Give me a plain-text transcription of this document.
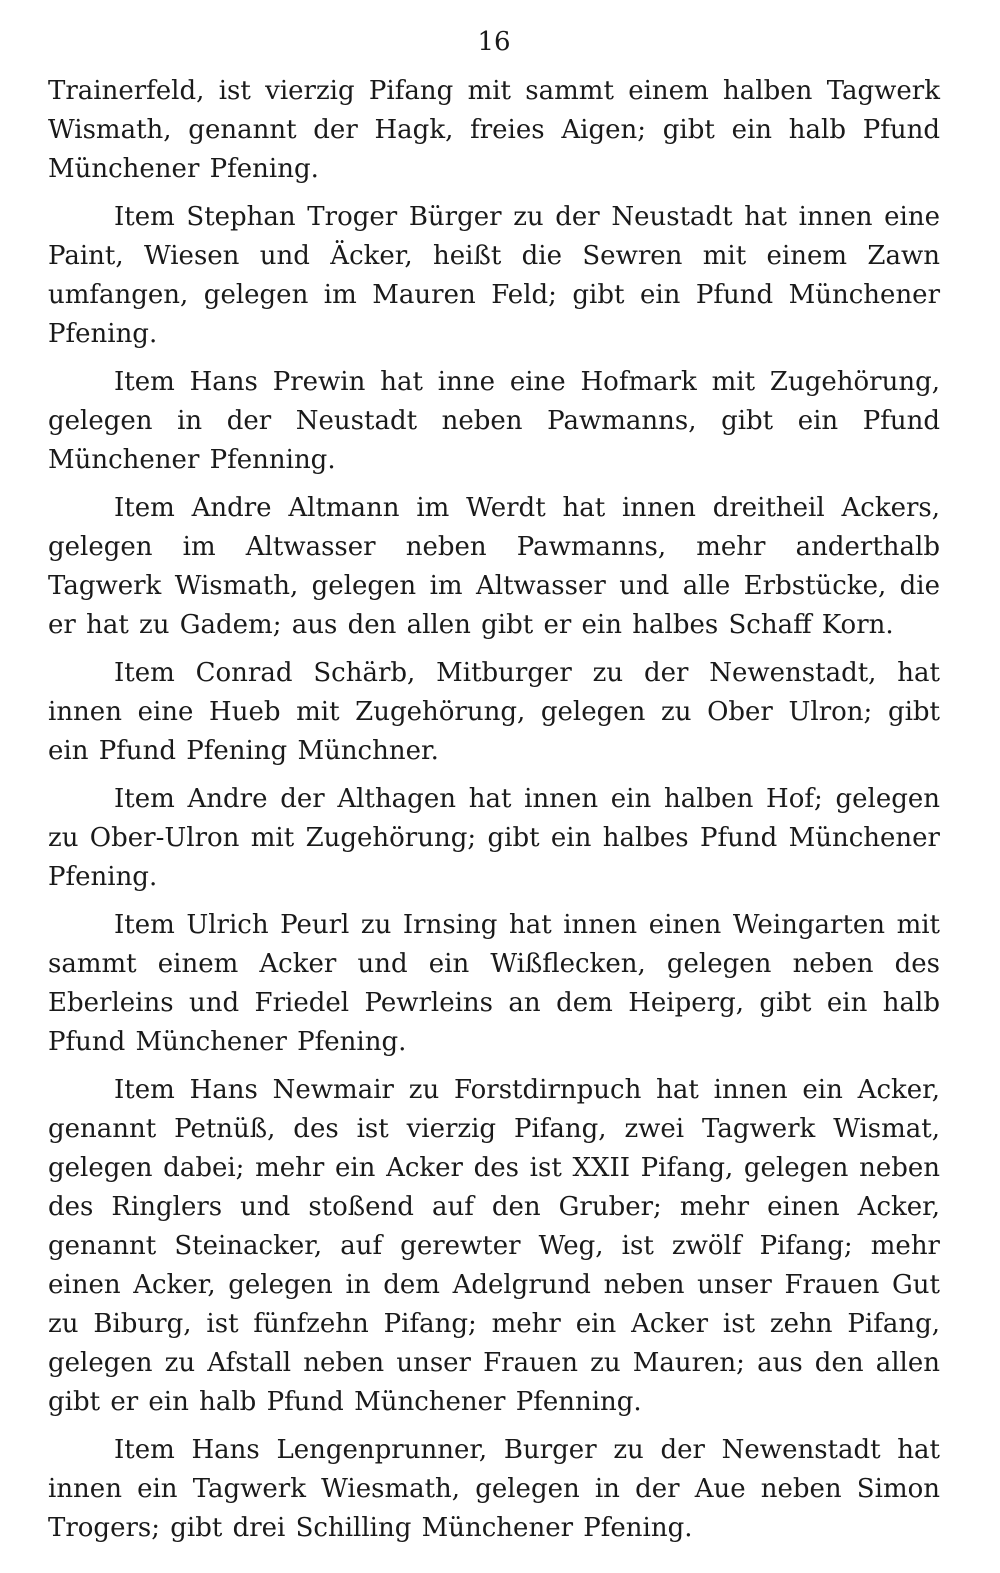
16

Trainerfeld, ist vierzig Pifang mit sammt einem halben Tagwerk Wismath, genannt der Hagk, freies Aigen; gibt ein halb Pfund Münchener Pfening.

Item Stephan Troger Bürger zu der Neustadt hat innen eine Paint, Wiesen und Äcker, heißt die Sewren mit einem Zawn umfangen, gelegen im Mauren Feld; gibt ein Pfund Münchener Pfening.

Item Hans Prewin hat inne eine Hofmark mit Zugehörung, gelegen in der Neustadt neben Pawmanns, gibt ein Pfund Münchener Pfenning.

Item Andre Altmann im Werdt hat innen dreitheil Ackers, gelegen im Altwasser neben Pawmanns, mehr anderthalb Tagwerk Wismath, gelegen im Altwasser und alle Erbstücke, die er hat zu Gadem; aus den allen gibt er ein halbes Schaff Korn.

Item Conrad Schärb, Mitburger zu der Newenstadt, hat innen eine Hueb mit Zugehörung, gelegen zu Ober Ulron; gibt ein Pfund Pfening Münchner.

Item Andre der Althagen hat innen ein halben Hof; gelegen zu Ober-Ulron mit Zugehörung; gibt ein halbes Pfund Münchener Pfening.

Item Ulrich Peurl zu Irnsing hat innen einen Weingarten mit sammt einem Acker und ein Wißflecken, gelegen neben des Eberleins und Friedel Pewrleins an dem Heiperg, gibt ein halb Pfund Münchener Pfening.

Item Hans Newmair zu Forstdirnpuch hat innen ein Acker, genannt Petnüß, des ist vierzig Pifang, zwei Tagwerk Wismat, gelegen dabei; mehr ein Acker des ist XXII Pifang, gelegen neben des Ringlers und stoßend auf den Gruber; mehr einen Acker, genannt Steinacker, auf gerewter Weg, ist zwölf Pifang; mehr einen Acker, gelegen in dem Adelgrund neben unser Frauen Gut zu Biburg, ist fünfzehn Pifang; mehr ein Acker ist zehn Pifang, gelegen zu Afstall neben unser Frauen zu Mauren; aus den allen gibt er ein halb Pfund Münchener Pfenning.

Item Hans Lengenprunner, Burger zu der Newenstadt hat innen ein Tagwerk Wiesmath, gelegen in der Aue neben Simon Trogers; gibt drei Schilling Münchener Pfening.
